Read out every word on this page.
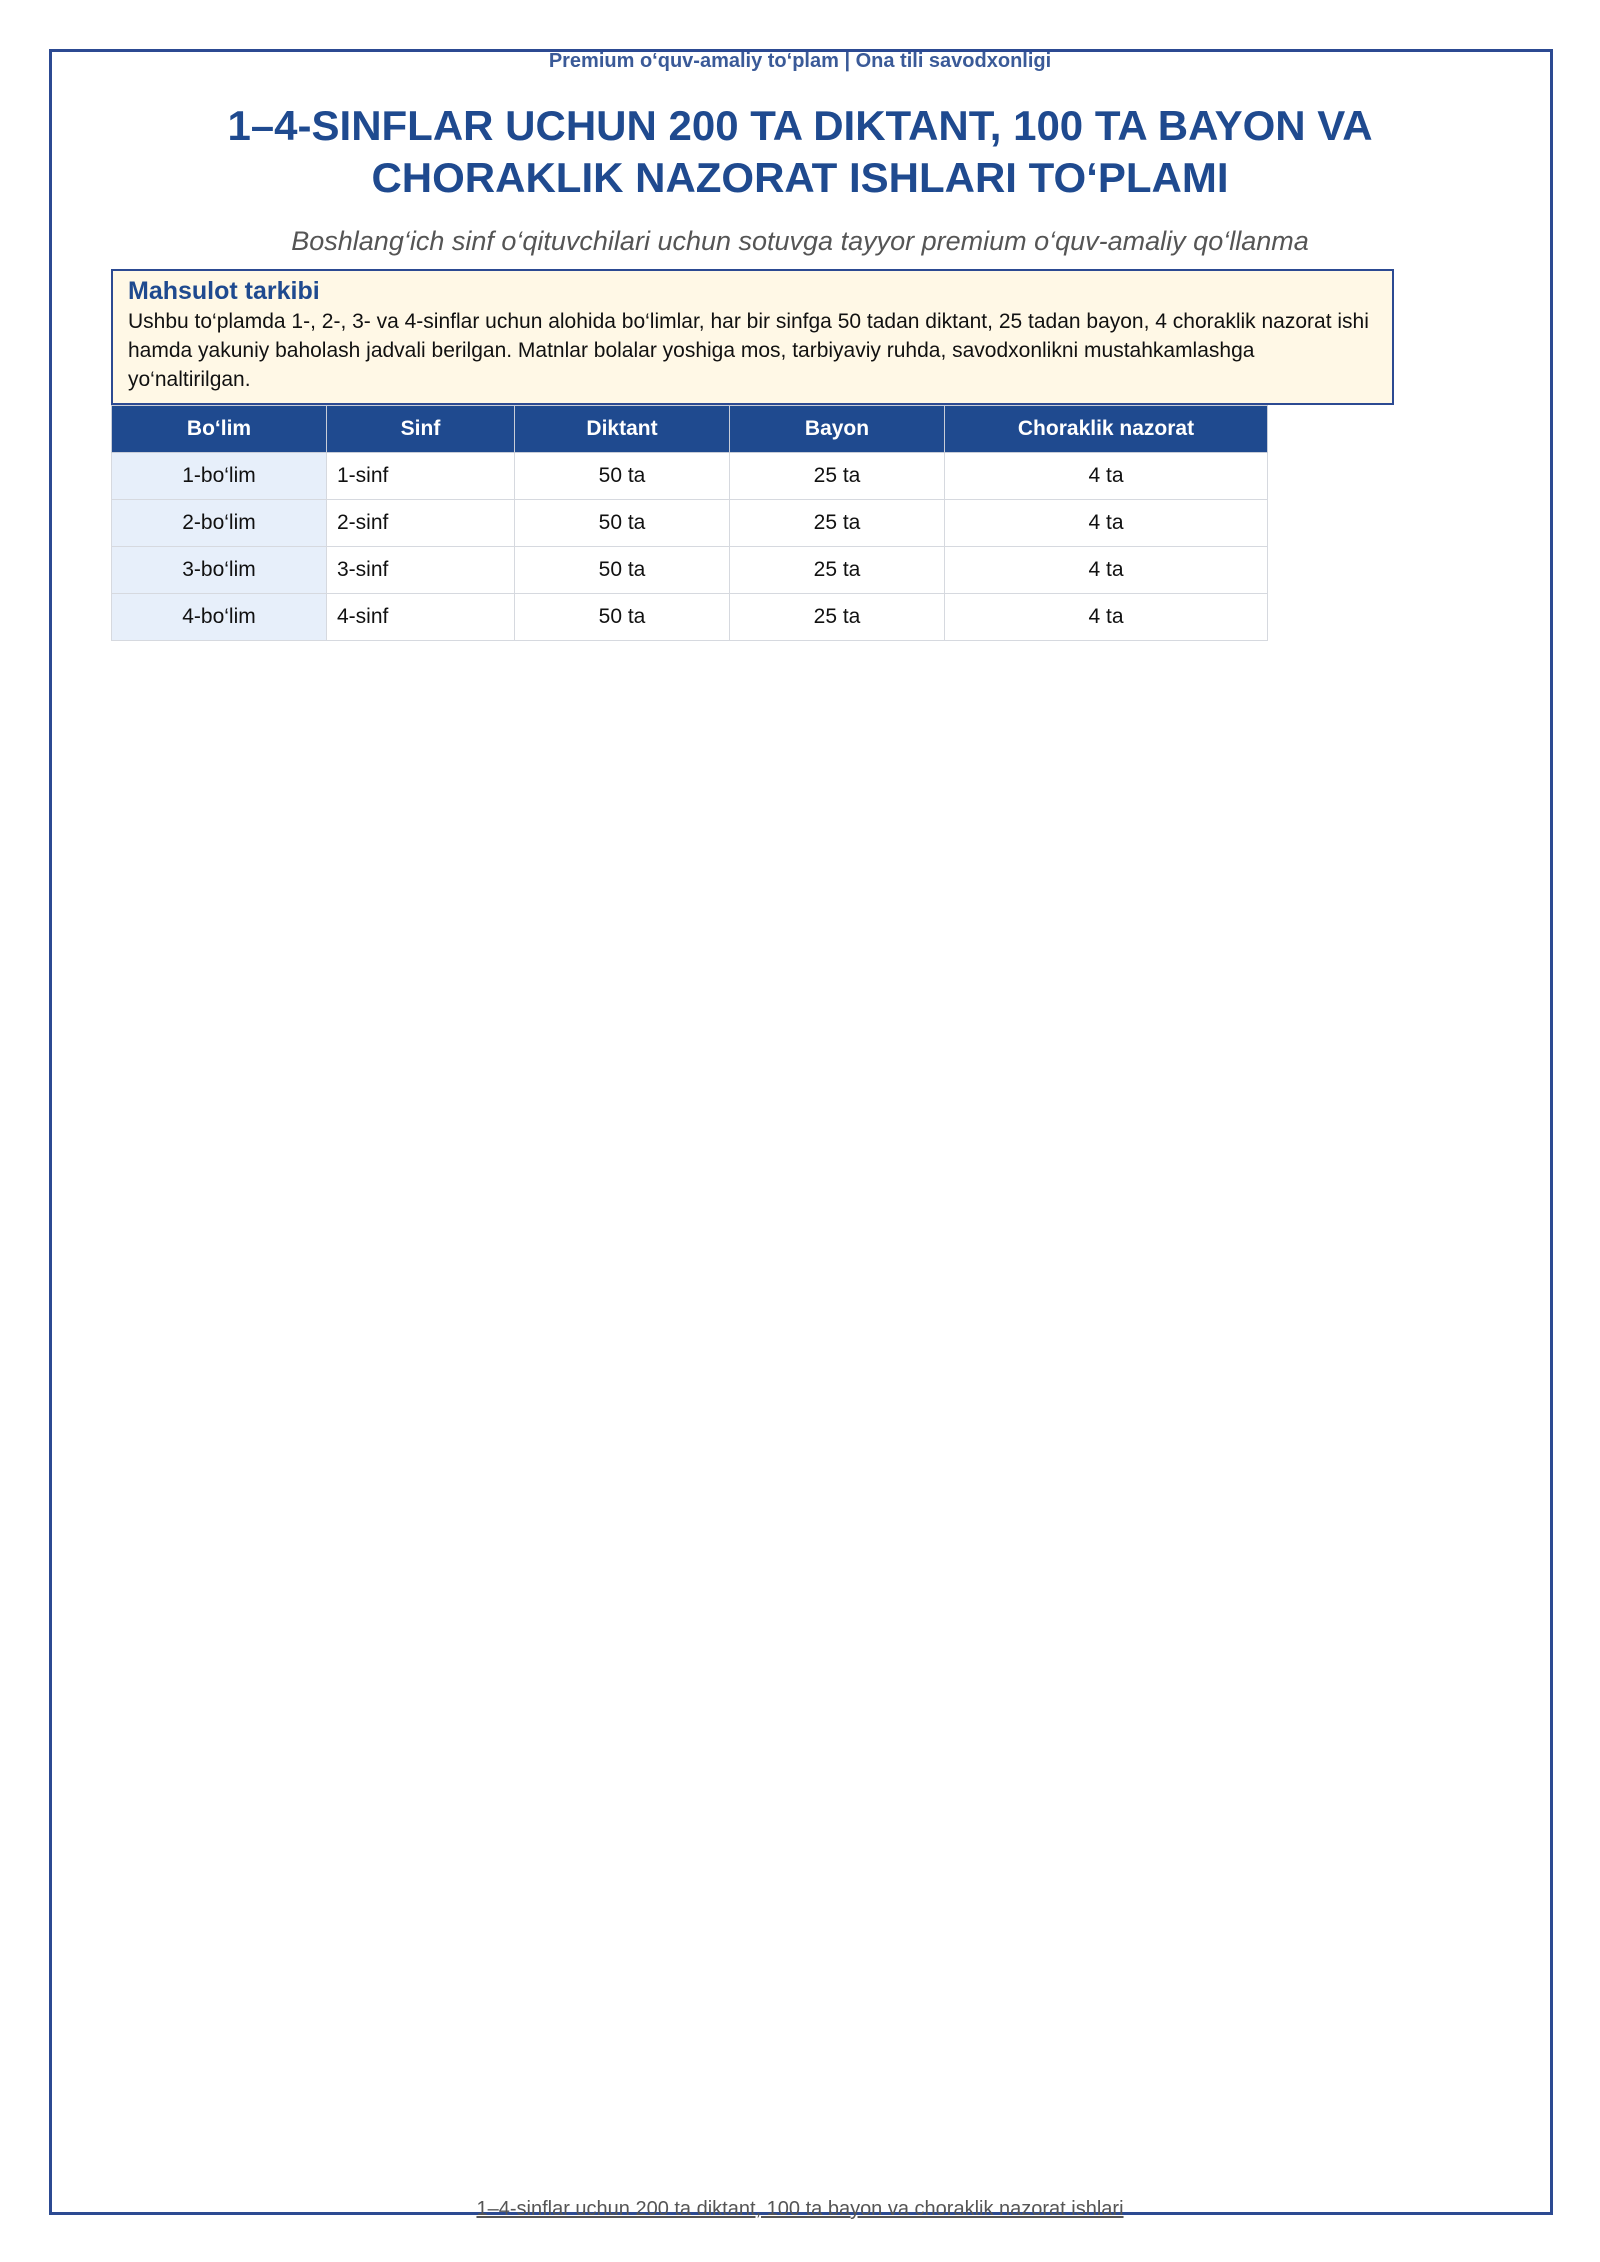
Premium o‘quv-amaliy to‘plam | Ona tili savodxonligi
1–4-SINFLAR UCHUN 200 TA DIKTANT, 100 TA BAYON VA
CHORAKLIK NAZORAT ISHLARI TO‘PLAMI
Boshlang‘ich sinf o‘qituvchilari uchun sotuvga tayyor premium o‘quv-amaliy qo‘llanma
Mahsulot tarkibi
Ushbu to‘plamda 1-, 2-, 3- va 4-sinflar uchun alohida bo‘limlar, har bir sinfga 50 tadan diktant, 25 tadan bayon, 4 choraklik nazorat ishi hamda yakuniy baholash jadvali berilgan. Matnlar bolalar yoshiga mos, tarbiyaviy ruhda, savodxonlikni mustahkamlashga yo‘naltirilgan.
Bo‘lim	Sinf	Diktant	Bayon	Choraklik nazorat
1-bo‘lim	1-sinf	50 ta	25 ta	4 ta
2-bo‘lim	2-sinf	50 ta	25 ta	4 ta
3-bo‘lim	3-sinf	50 ta	25 ta	4 ta
4-bo‘lim	4-sinf	50 ta	25 ta	4 ta
1–4-sinflar uchun 200 ta diktant, 100 ta bayon va choraklik nazorat ishlari
